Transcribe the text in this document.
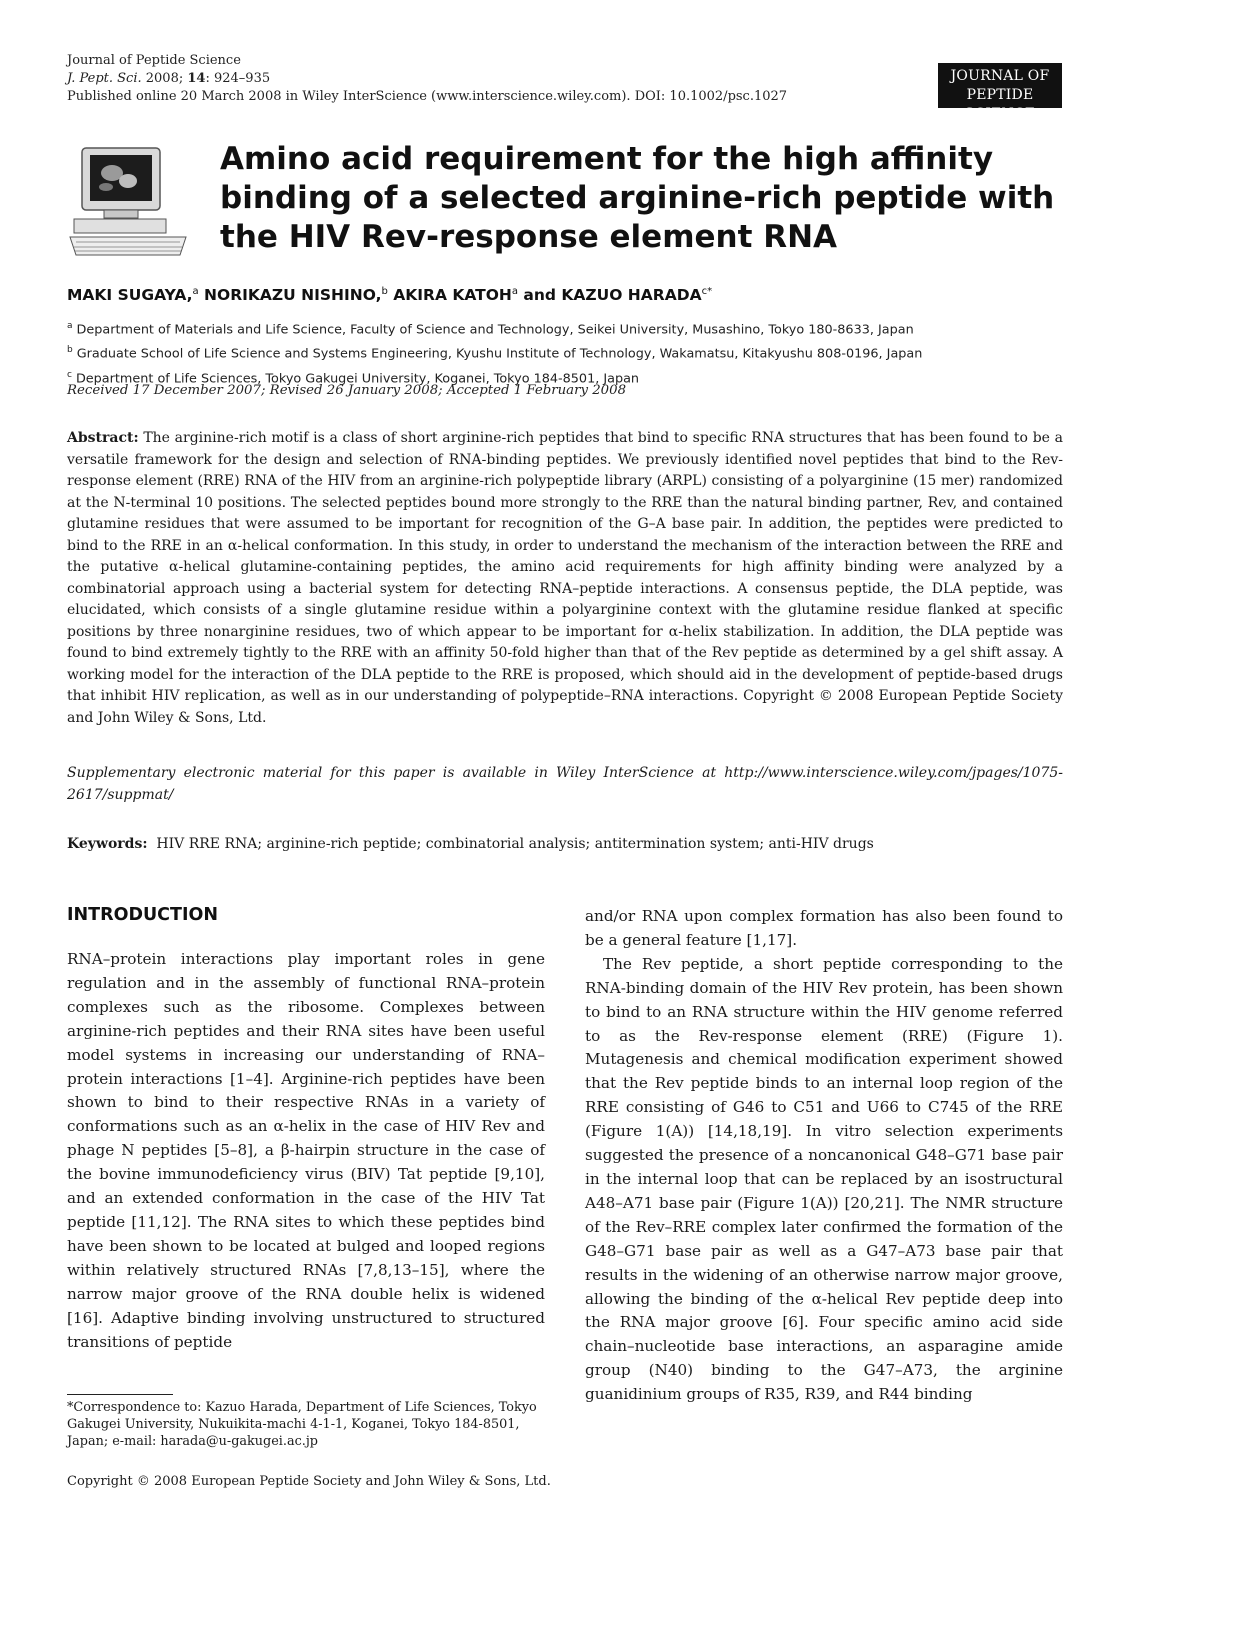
Journal of Peptide Science
J. Pept. Sci. 2008; 14: 924–935
Published online 20 March 2008 in Wiley InterScience (www.interscience.wiley.com). DOI: 10.1002/psc.1027
JOURNAL OF
PEPTIDE SCIENCE
Amino acid requirement for the high affinity binding of a selected arginine-rich peptide with the HIV Rev-response element RNA
MAKI SUGAYA,$^a$ NORIKAZU NISHINO,$^b$ AKIRA KATOH$^a$ and KAZUO $HARADA^{c*}$
$^a$ Department of Materials and Life Science, Faculty of Science and Technology, Seikei University, Musashino, Tokyo 180-8633, Japan
$^b$ Graduate School of Life Science and Systems Engineering, Kyushu Institute of Technology, Wakamatsu, Kitakyushu 808-0196, Japan
$^c$ Department of Life Sciences, Tokyo Gakugei University, Koganei, Tokyo 184-8501, Japan
Received 17 December 2007; Revised 26 January 2008; Accepted 1 February 2008

Abstract: The arginine-rich motif is a class of short arginine-rich peptides that bind to specific RNA structures that has been found to be a versatile framework for the design and selection of RNA-binding peptides. We previously identified novel peptides that bind to the Rev-response element (RRE) RNA of the HIV from an arginine-rich polypeptide library (ARPL) consisting of a polyarginine (15 mer) randomized at the N-terminal 10 positions. The selected peptides bound more strongly to the RRE than the natural binding partner, Rev, and contained glutamine residues that were assumed to be important for recognition of the G–A base pair. In addition, the peptides were predicted to bind to the RRE in an α-helical conformation. In this study, in order to understand the mechanism of the interaction between the RRE and the putative α-helical glutamine-containing peptides, the amino acid requirements for high affinity binding were analyzed by a combinatorial approach using a bacterial system for detecting RNA–peptide interactions. A consensus peptide, the DLA peptide, was elucidated, which consists of a single glutamine residue within a polyarginine context with the glutamine residue flanked at specific positions by three nonarginine residues, two of which appear to be important for α-helix stabilization. In addition, the DLA peptide was found to bind extremely tightly to the RRE with an affinity 50-fold higher than that of the Rev peptide as determined by a gel shift assay. A working model for the interaction of the DLA peptide to the RRE is proposed, which should aid in the development of peptide-based drugs that inhibit HIV replication, as well as in our understanding of polypeptide–RNA interactions. Copyright © 2008 European Peptide Society and John Wiley & Sons, Ltd.

Supplementary electronic material for this paper is available in Wiley InterScience at http://www.interscience.wiley.com/jpages/1075-2617/suppmat/

Keywords: HIV RRE RNA; arginine-rich peptide; combinatorial analysis; antitermination system; anti-HIV drugs
INTRODUCTION

RNA–protein interactions play important roles in gene regulation and in the assembly of functional RNA–protein complexes such as the ribosome. Complexes between arginine-rich peptides and their RNA sites have been useful model systems in increasing our understanding of RNA–protein interactions [1–4]. Arginine-rich peptides have been shown to bind to their respective RNAs in a variety of conformations such as an α-helix in the case of HIV Rev and phage N peptides [5–8], a β-hairpin structure in the case of the bovine immunodeficiency virus (BIV) Tat peptide [9,10], and an extended conformation in the case of the HIV Tat peptide [11,12]. The RNA sites to which these peptides bind have been shown to be located at bulged and looped regions within relatively structured RNAs [7,8,13–15], where the narrow major groove of the RNA double helix is widened [16]. Adaptive binding involving unstructured to structured transitions of peptide

and/or RNA upon complex formation has also been found to be a general feature [1,17].

The Rev peptide, a short peptide corresponding to the RNA-binding domain of the HIV Rev protein, has been shown to bind to an RNA structure within the HIV genome referred to as the Rev-response element (RRE) (Figure 1). Mutagenesis and chemical modification experiment showed that the Rev peptide binds to an internal loop region of the RRE consisting of G46 to C51 and U66 to C745 of the RRE (Figure 1(A)) [14,18,19]. In vitro selection experiments suggested the presence of a noncanonical G48–G71 base pair in the internal loop that can be replaced by an isostructural A48–A71 base pair (Figure 1(A)) [20,21]. The NMR structure of the Rev–RRE complex later confirmed the formation of the G48–G71 base pair as well as a G47–A73 base pair that results in the widening of an otherwise narrow major groove, allowing the binding of the α-helical Rev peptide deep into the RNA major groove [6]. Four specific amino acid side chain–nucleotide base interactions, an asparagine amide group (N40) binding to the G47–A73, the arginine guanidinium groups of R35, R39, and R44 binding

*Correspondence to: Kazuo Harada, Department of Life Sciences, Tokyo Gakugei University, Nukuikita-machi 4-1-1, Koganei, Tokyo 184-8501, Japan; e-mail: harada@u-gakugei.ac.jp

Copyright © 2008 European Peptide Society and John Wiley & Sons, Ltd.
